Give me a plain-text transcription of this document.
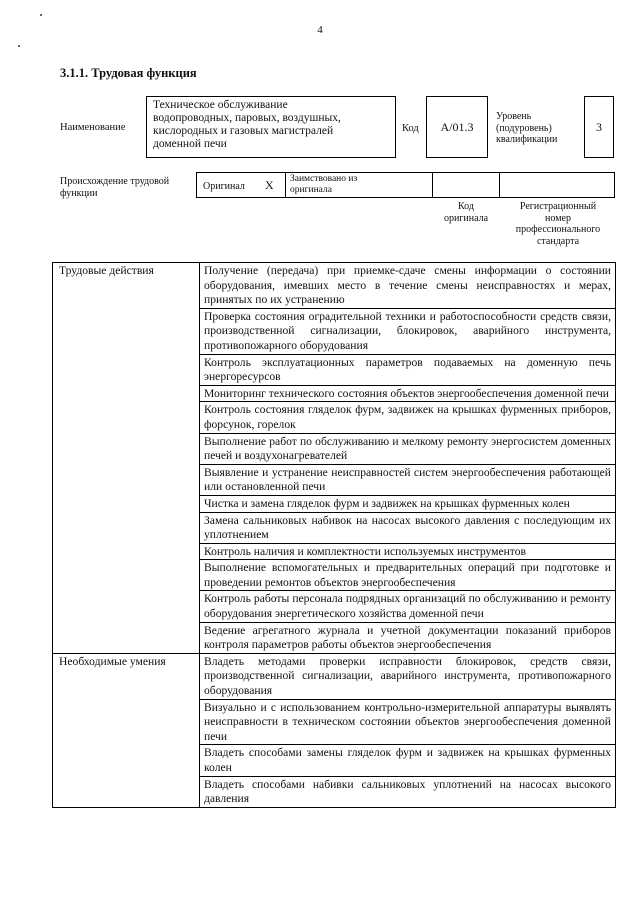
4
3.1.1. Трудовая функция
Наименование
Техническое обслуживание
водопроводных, паровых, воздушных,
кислородных и газовых магистралей
доменной печи
Код А/01.3
Уровень
(подуровень)
квалификации
3
Происхождение трудовой
функции
Оригинал X Заимствовано из
оригинала
Код
оригинала
Регистрационный
номер
профессионального
стандарта
Трудовые действия	Получение (передача) при приемке-сдаче смены информации о состоянии оборудования, имевших место в течение смены неисправностях и мерах, принятых по их устранению
	Проверка состояния оградительной техники и работоспособности средств связи, производственной сигнализации, блокировок, аварийного инструмента, противопожарного оборудования
	Контроль эксплуатационных параметров подаваемых на доменную печь энергоресурсов
	Мониторинг технического состояния объектов энергообеспечения доменной печи
	Контроль состояния гляделок фурм, задвижек на крышках фурменных приборов, форсунок, горелок
	Выполнение работ по обслуживанию и мелкому ремонту энергосистем доменных печей и воздухонагревателей
	Выявление и устранение неисправностей систем энергообеспечения работающей или остановленной печи
	Чистка и замена гляделок фурм и задвижек на крышках фурменных колен
	Замена сальниковых набивок на насосах высокого давления с последующим их уплотнением
	Контроль наличия и комплектности используемых инструментов
	Выполнение вспомогательных и предварительных операций при подготовке и проведении ремонтов объектов энергообеспечения
	Контроль работы персонала подрядных организаций по обслуживанию и ремонту оборудования энергетического хозяйства доменной печи
	Ведение агрегатного журнала и учетной документации показаний приборов контроля параметров работы объектов энергообеспечения
Необходимые умения	Владеть методами проверки исправности блокировок, средств связи, производственной сигнализации, аварийного инструмента, противопожарного оборудования
	Визуально и с использованием контрольно-измерительной аппаратуры выявлять неисправности в техническом состоянии объектов энергообеспечения доменной печи
	Владеть способами замены гляделок фурм и задвижек на крышках фурменных колен
	Владеть способами набивки сальниковых уплотнений на насосах высокого давления
